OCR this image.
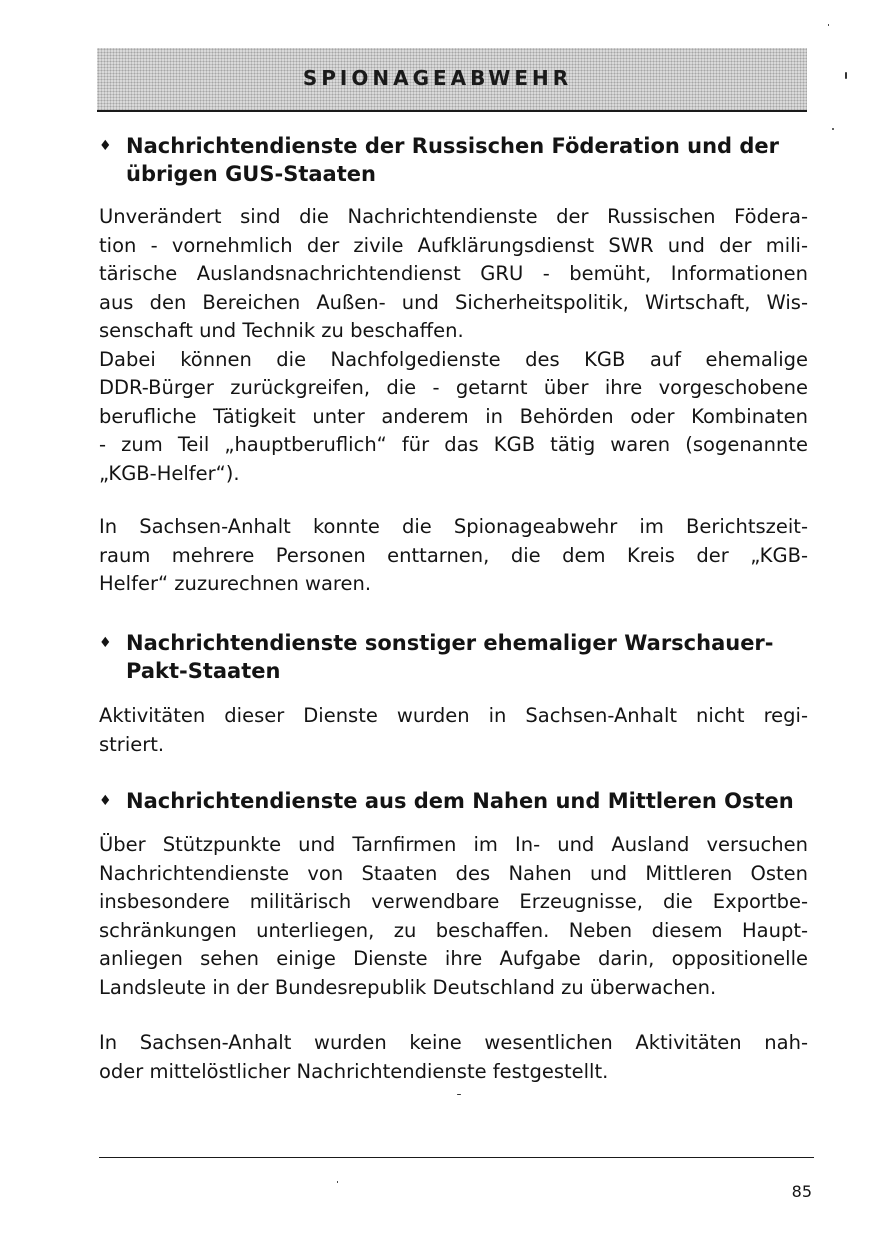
SPIONAGEABWEHR
♦ Nachrichtendienste der Russischen Föderation und der
übrigen GUS-Staaten
Unverändert sind die Nachrichtendienste der Russischen Födera-
tion - vornehmlich der zivile Aufklärungsdienst SWR und der mili-
tärische Auslandsnachrichtendienst GRU - bemüht, Informationen
aus den Bereichen Außen- und Sicherheitspolitik, Wirtschaft, Wis-
senschaft und Technik zu beschaffen.
Dabei können die Nachfolgedienste des KGB auf ehemalige
DDR-Bürger zurückgreifen, die - getarnt über ihre vorgeschobene
berufliche Tätigkeit unter anderem in Behörden oder Kombinaten
- zum Teil „hauptberuflich“ für das KGB tätig waren (sogenannte
„KGB-Helfer“).
In Sachsen-Anhalt konnte die Spionageabwehr im Berichtszeit-
raum mehrere Personen enttarnen, die dem Kreis der „KGB-
Helfer“ zuzurechnen waren.
♦ Nachrichtendienste sonstiger ehemaliger Warschauer-
Pakt-Staaten
Aktivitäten dieser Dienste wurden in Sachsen-Anhalt nicht regi-
striert.
♦ Nachrichtendienste aus dem Nahen und Mittleren Osten
Über Stützpunkte und Tarnfirmen im In- und Ausland versuchen
Nachrichtendienste von Staaten des Nahen und Mittleren Osten
insbesondere militärisch verwendbare Erzeugnisse, die Exportbe-
schränkungen unterliegen, zu beschaffen. Neben diesem Haupt-
anliegen sehen einige Dienste ihre Aufgabe darin, oppositionelle
Landsleute in der Bundesrepublik Deutschland zu überwachen.
In Sachsen-Anhalt wurden keine wesentlichen Aktivitäten nah-
oder mittelöstlicher Nachrichtendienste festgestellt.
85
